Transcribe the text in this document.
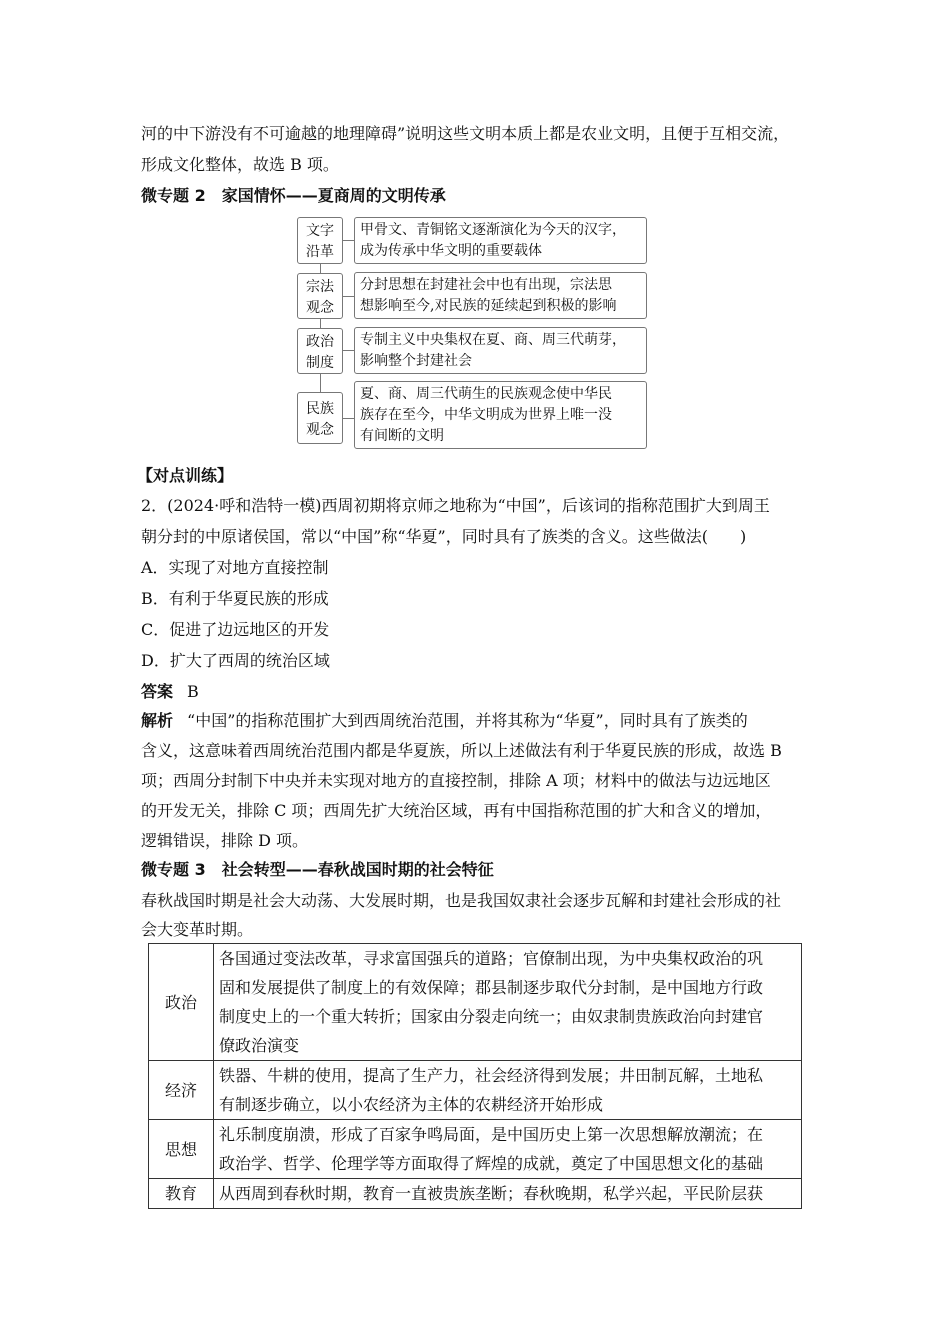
河的中下游没有不可逾越的地理障碍”说明这些文明本质上都是农业文明，且便于互相交流，
形成文化整体，故选 B 项。
微专题 2　家国情怀——夏商周的文明传承
文字
沿革
甲骨文、青铜铭文逐渐演化为今天的汉字，
成为传承中华文明的重要载体
宗法
观念
分封思想在封建社会中也有出现，宗法思
想影响至今,对民族的延续起到积极的影响
政治
制度
专制主义中央集权在夏、商、周三代萌芽，
影响整个封建社会
民族
观念
夏、商、周三代萌生的民族观念使中华民
族存在至今，中华文明成为世界上唯一没
有间断的文明
【对点训练】
2．(2024·呼和浩特一模)西周初期将京师之地称为“中国”，后该词的指称范围扩大到周王
朝分封的中原诸侯国，常以“中国”称“华夏”，同时具有了族类的含义。这些做法(　　)
A．实现了对地方直接控制
B．有利于华夏民族的形成
C．促进了边远地区的开发
D．扩大了西周的统治区域
答案 B
解析 “中国”的指称范围扩大到西周统治范围，并将其称为“华夏”，同时具有了族类的
含义，这意味着西周统治范围内都是华夏族，所以上述做法有利于华夏民族的形成，故选 B
项；西周分封制下中央并未实现对地方的直接控制，排除 A 项；材料中的做法与边远地区
的开发无关，排除 C 项；西周先扩大统治区域，再有中国指称范围的扩大和含义的增加，
逻辑错误，排除 D 项。
微专题 3　社会转型——春秋战国时期的社会特征
春秋战国时期是社会大动荡、大发展时期，也是我国奴隶社会逐步瓦解和封建社会形成的社
会大变革时期。
政治	各国通过变法改革，寻求富国强兵的道路；官僚制出现，为中央集权政治的巩
固和发展提供了制度上的有效保障；郡县制逐步取代分封制，是中国地方行政
制度史上的一个重大转折；国家由分裂走向统一；由奴隶制贵族政治向封建官
僚政治演变

经济	铁器、牛耕的使用，提高了生产力，社会经济得到发展；井田制瓦解，土地私
有制逐步确立，以小农经济为主体的农耕经济开始形成

思想	礼乐制度崩溃，形成了百家争鸣局面，是中国历史上第一次思想解放潮流；在
政治学、哲学、伦理学等方面取得了辉煌的成就，奠定了中国思想文化的基础

教育	从西周到春秋时期，教育一直被贵族垄断；春秋晚期，私学兴起，平民阶层获
